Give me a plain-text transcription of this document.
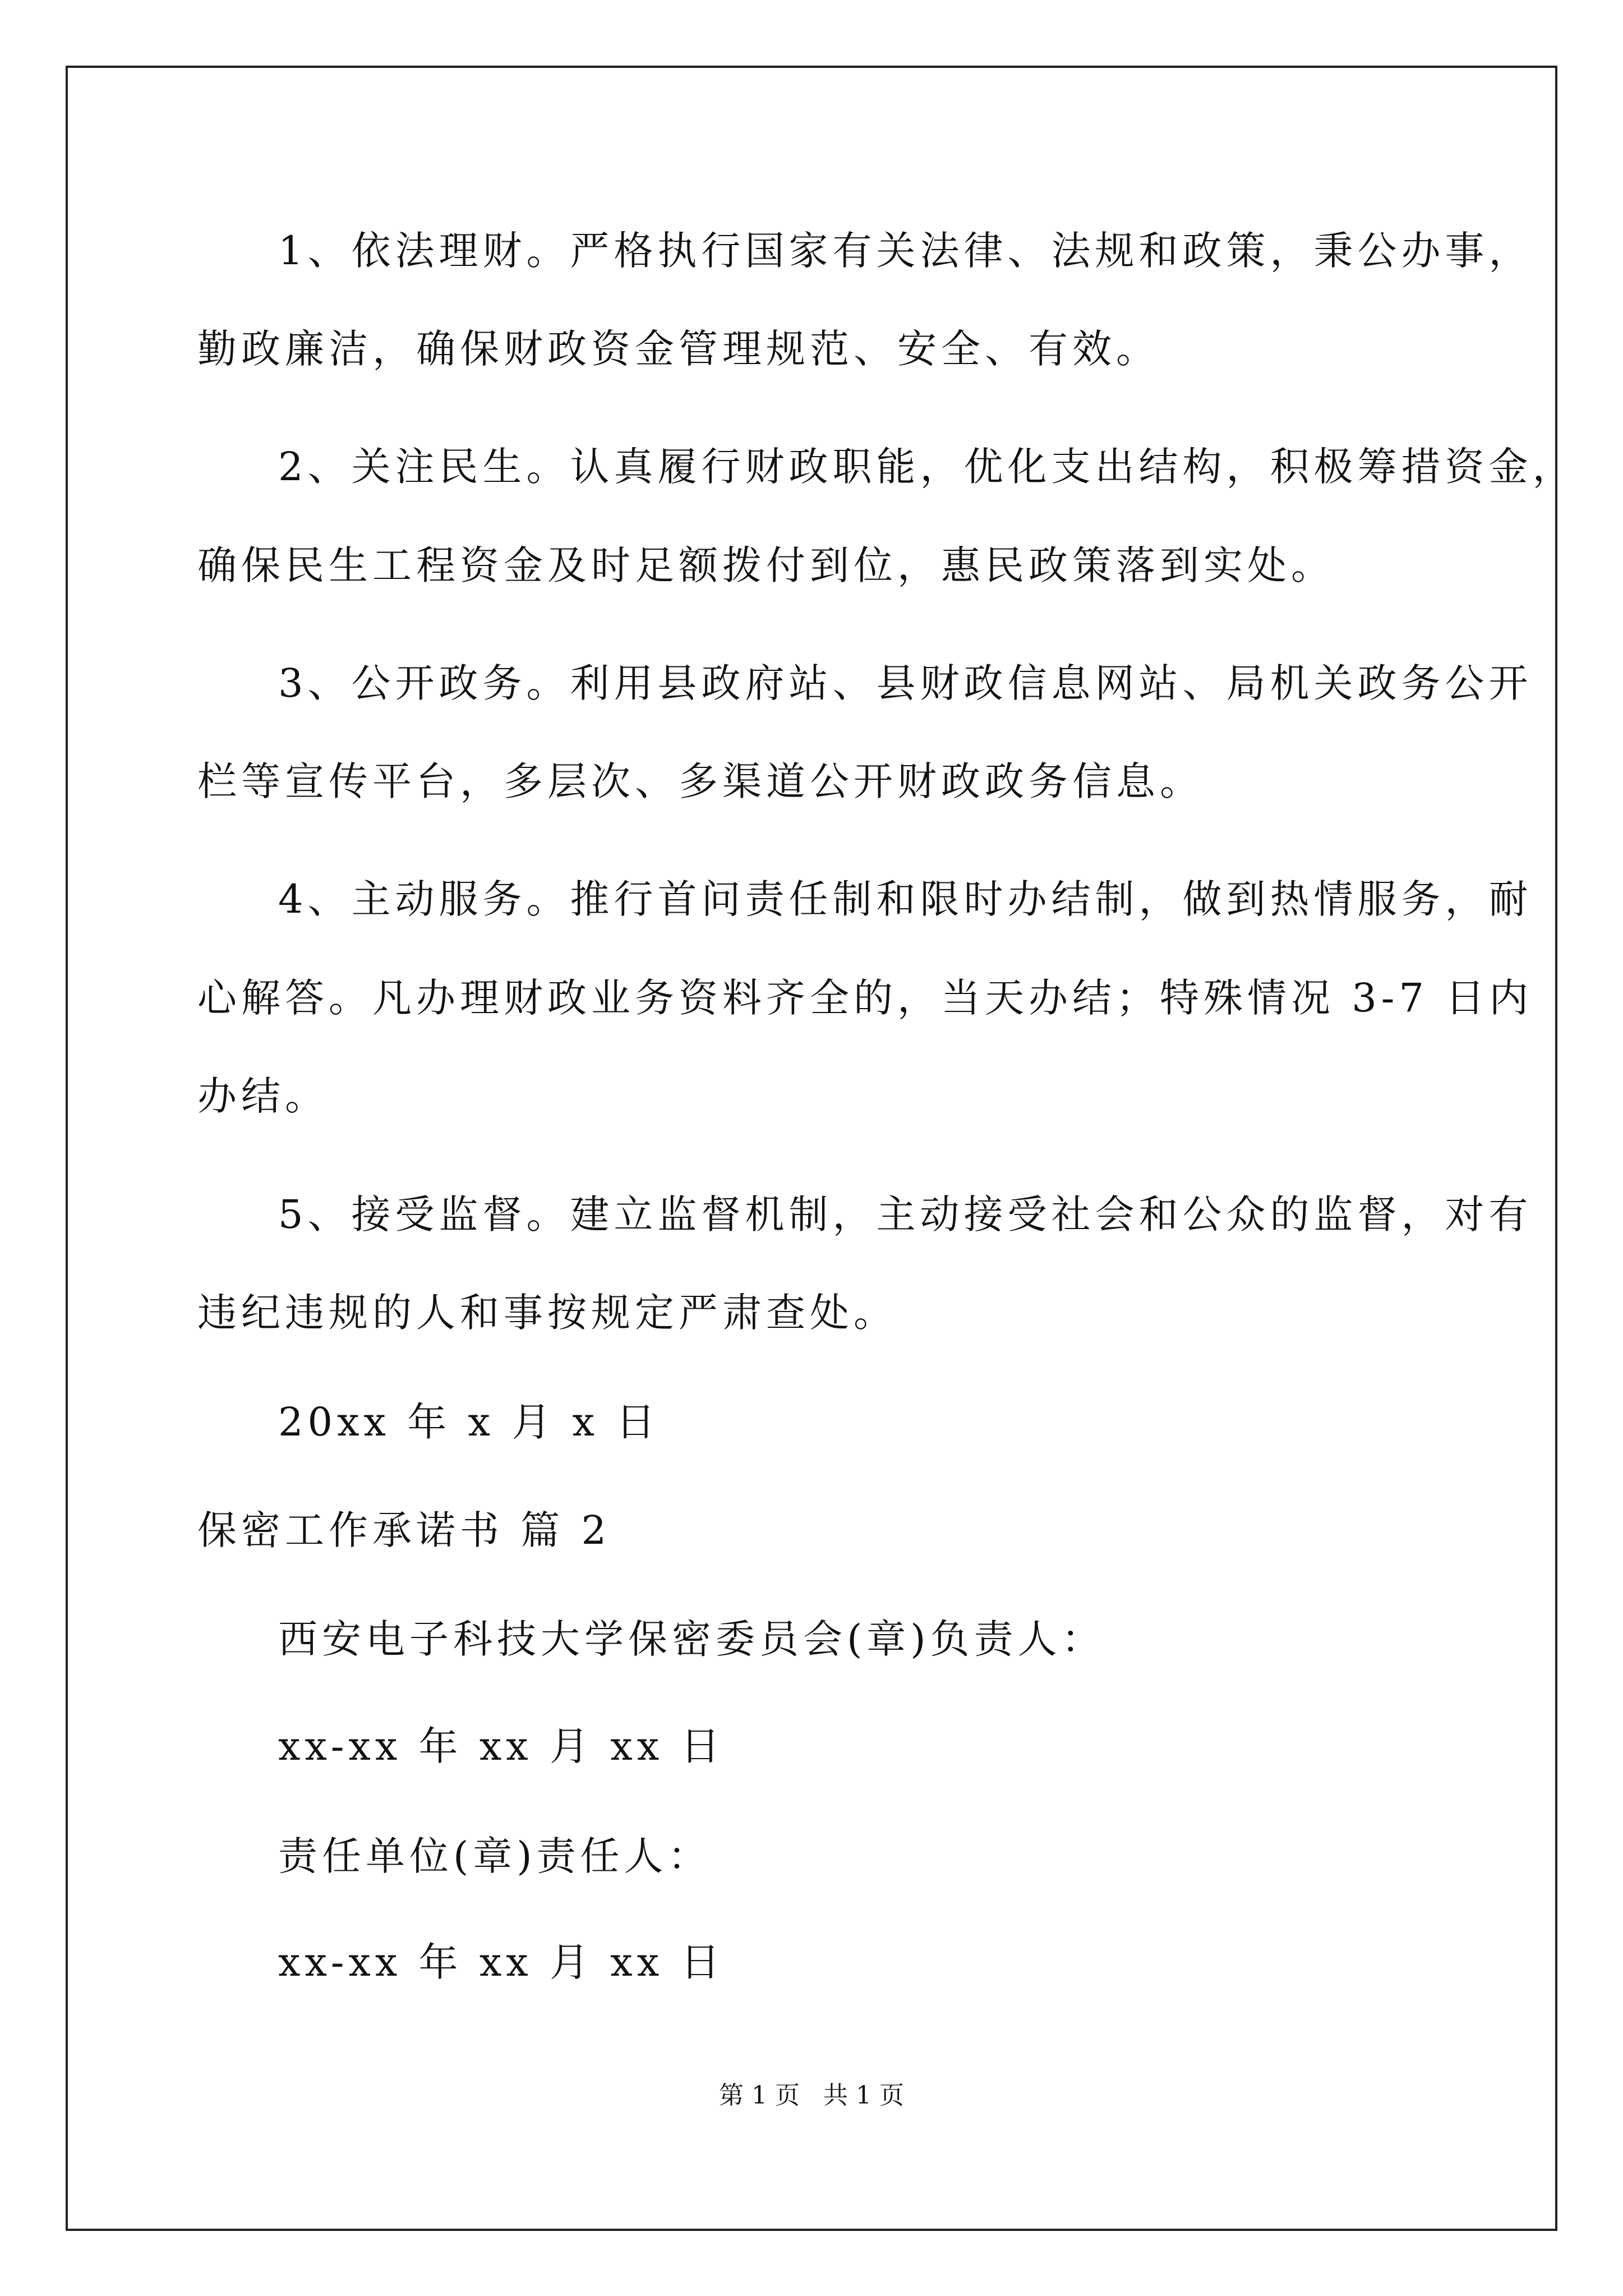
1、依法理财。严格执行国家有关法律、法规和政策，秉公办事，
勤政廉洁，确保财政资金管理规范、安全、有效。
2、关注民生。认真履行财政职能，优化支出结构，积极筹措资金，
确保民生工程资金及时足额拨付到位，惠民政策落到实处。
3、公开政务。利用县政府站、县财政信息网站、局机关政务公开
栏等宣传平台，多层次、多渠道公开财政政务信息。
4、主动服务。推行首问责任制和限时办结制，做到热情服务，耐
心解答。凡办理财政业务资料齐全的，当天办结；特殊情况 3-7 日内
办结。
5、接受监督。建立监督机制，主动接受社会和公众的监督，对有
违纪违规的人和事按规定严肃查处。
20xx 年 x 月 x 日
保密工作承诺书 篇 2
西安电子科技大学保密委员会(章)负责人：
xx-xx 年 xx 月 xx 日
责任单位(章)责任人：
xx-xx 年 xx 月 xx 日
第 1 页   共 1 页
